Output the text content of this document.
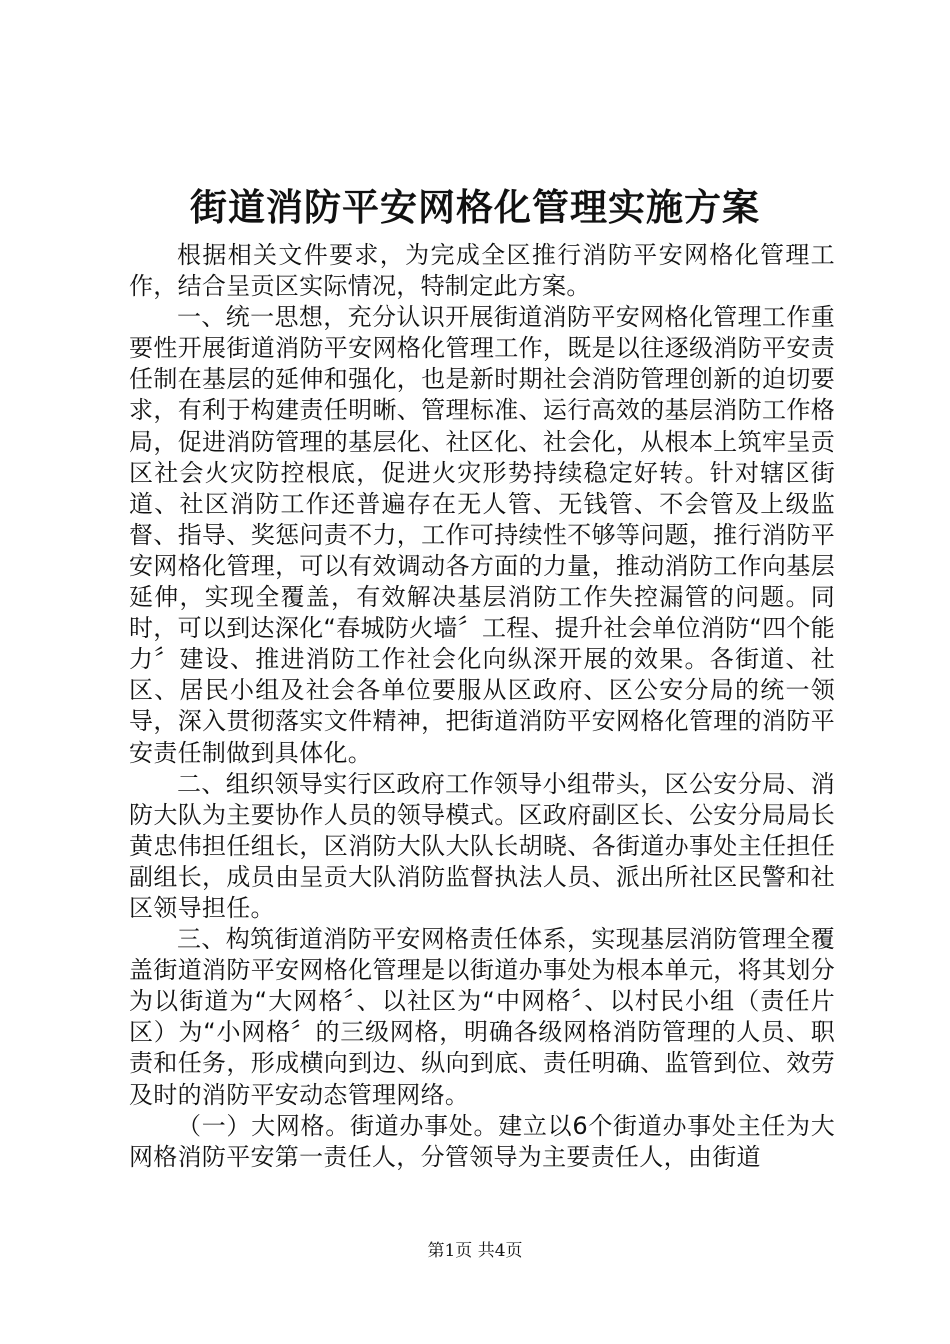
街道消防平安网格化管理实施方案

根据相关文件要求，为完成全区推行消防平安网格化管理工作，结合呈贡区实际情况，特制定此方案。

一、统一思想，充分认识开展街道消防平安网格化管理工作重要性开展街道消防平安网格化管理工作，既是以往逐级消防平安责任制在基层的延伸和强化，也是新时期社会消防管理创新的迫切要求，有利于构建责任明晰、管理标准、运行高效的基层消防工作格局，促进消防管理的基层化、社区化、社会化，从根本上筑牢呈贡区社会火灾防控根底，促进火灾形势持续稳定好转。针对辖区街道、社区消防工作还普遍存在无人管、无钱管、不会管及上级监督、指导、奖惩问责不力，工作可持续性不够等问题，推行消防平安网格化管理，可以有效调动各方面的力量，推动消防工作向基层延伸，实现全覆盖，有效解决基层消防工作失控漏管的问题。同时，可以到达深化“春城防火墙〞工程、提升社会单位消防“四个能力〞建设、推进消防工作社会化向纵深开展的效果。各街道、社区、居民小组及社会各单位要服从区政府、区公安分局的统一领导，深入贯彻落实文件精神，把街道消防平安网格化管理的消防平安责任制做到具体化。

二、组织领导实行区政府工作领导小组带头，区公安分局、消防大队为主要协作人员的领导模式。区政府副区长、公安分局局长黄忠伟担任组长，区消防大队大队长胡晓、各街道办事处主任担任副组长，成员由呈贡大队消防监督执法人员、派出所社区民警和社区领导担任。

三、构筑街道消防平安网格责任体系，实现基层消防管理全覆盖街道消防平安网格化管理是以街道办事处为根本单元，将其划分为以街道为“大网格〞、以社区为“中网格〞、以村民小组（责任片区）为“小网格〞的三级网格，明确各级网格消防管理的人员、职责和任务，形成横向到边、纵向到底、责任明确、监管到位、效劳及时的消防平安动态管理网络。

（一）大网格。街道办事处。建立以6个街道办事处主任为大网格消防平安第一责任人，分管领导为主要责任人，由街道

第1页 共4页
